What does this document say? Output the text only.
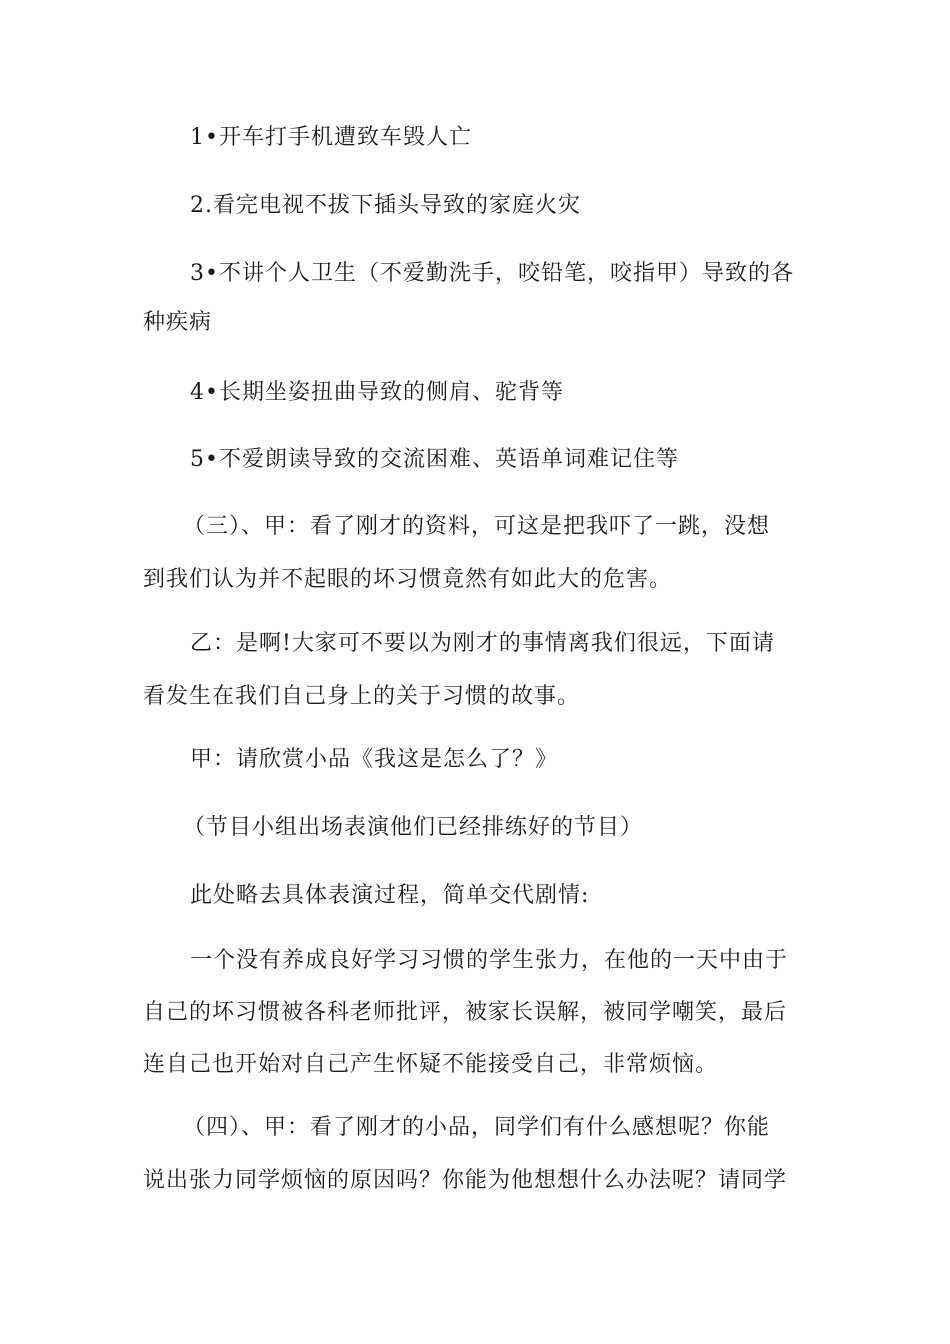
1•开车打手机遭致车毁人亡

2.看完电视不拔下插头导致的家庭火灾

3•不讲个人卫生（不爱勤洗手，咬铅笔，咬指甲）导致的各
种疾病

4•长期坐姿扭曲导致的侧肩、驼背等

5•不爱朗读导致的交流困难、英语单词难记住等

（三）、甲：看了刚才的资料，可这是把我吓了一跳，没想
到我们认为并不起眼的坏习惯竟然有如此大的危害。

乙：是啊!大家可不要以为刚才的事情离我们很远，下面请
看发生在我们自己身上的关于习惯的故事。

甲：请欣赏小品《我这是怎么了？》

（节目小组出场表演他们已经排练好的节目）

此处略去具体表演过程，简单交代剧情:

一个没有养成良好学习习惯的学生张力，在他的一天中由于
自己的坏习惯被各科老师批评，被家长误解，被同学嘲笑，最后
连自己也开始对自己产生怀疑不能接受自己，非常烦恼。

（四）、甲：看了刚才的小品，同学们有什么感想呢？你能
说出张力同学烦恼的原因吗？你能为他想想什么办法呢？请同学
